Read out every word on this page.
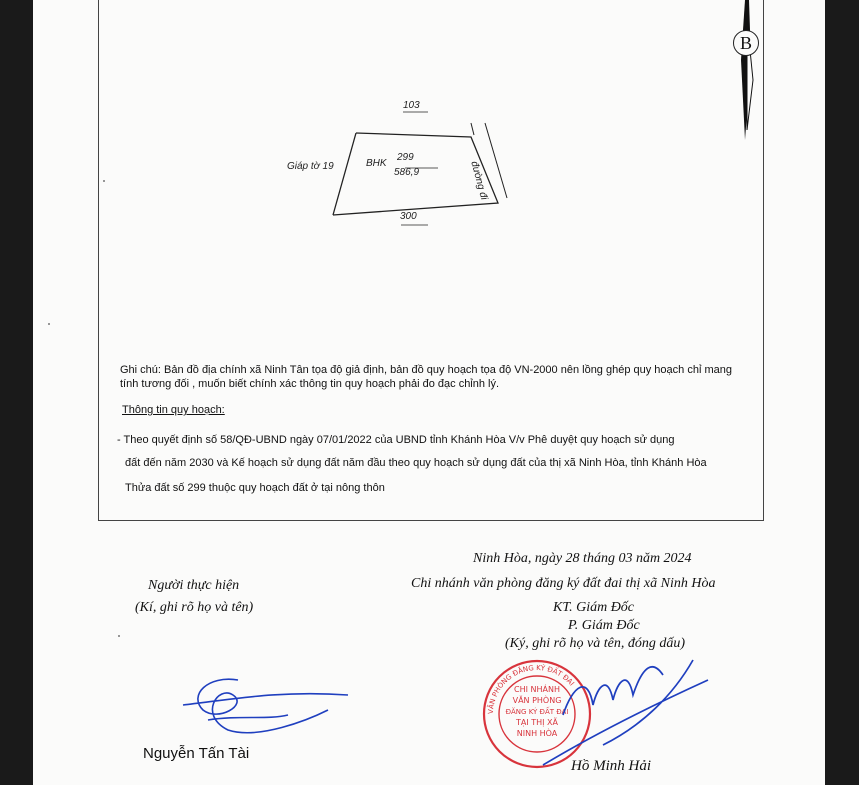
B
103
300
Giáp tờ 19	BHK
299
586,9	đường đi
Ghi chú: Bản đồ địa chính xã Ninh Tân tọa độ giả định, bản đồ quy hoạch tọa độ VN-2000 nên lồng ghép quy hoạch chỉ mang tính tương đối , muốn biết chính xác thông tin quy hoạch phải đo đạc chỉnh lý.
Thông tin quy hoạch:
- Theo quyết định số 58/QĐ-UBND ngày 07/01/2022 của UBND tỉnh Khánh Hòa V/v Phê duyệt quy hoạch sử dụng
đất đến năm 2030 và Kế hoạch sử dụng đất năm đầu theo quy hoạch sử dụng đất của thị xã Ninh Hòa, tỉnh Khánh Hòa
Thửa đất số 299 thuộc quy hoạch đất ở tại nông thôn
Ninh Hòa, ngày 28 tháng 03 năm 2024
Chi nhánh văn phòng đăng ký đất đai thị xã Ninh Hòa
KT. Giám Đốc
P. Giám Đốc
(Ký, ghi rõ họ và tên, đóng dấu)
Người thực hiện
(Kí, ghi rõ họ và tên)
Nguyễn Tấn Tài
CHI NHÁNH
VĂN PHÒNG
ĐĂNG KÝ ĐẤT ĐAI
TẠI THỊ XÃ
NINH HÒA
VĂN PHÒNG ĐĂNG KÝ ĐẤT ĐAI
Hồ Minh Hải
